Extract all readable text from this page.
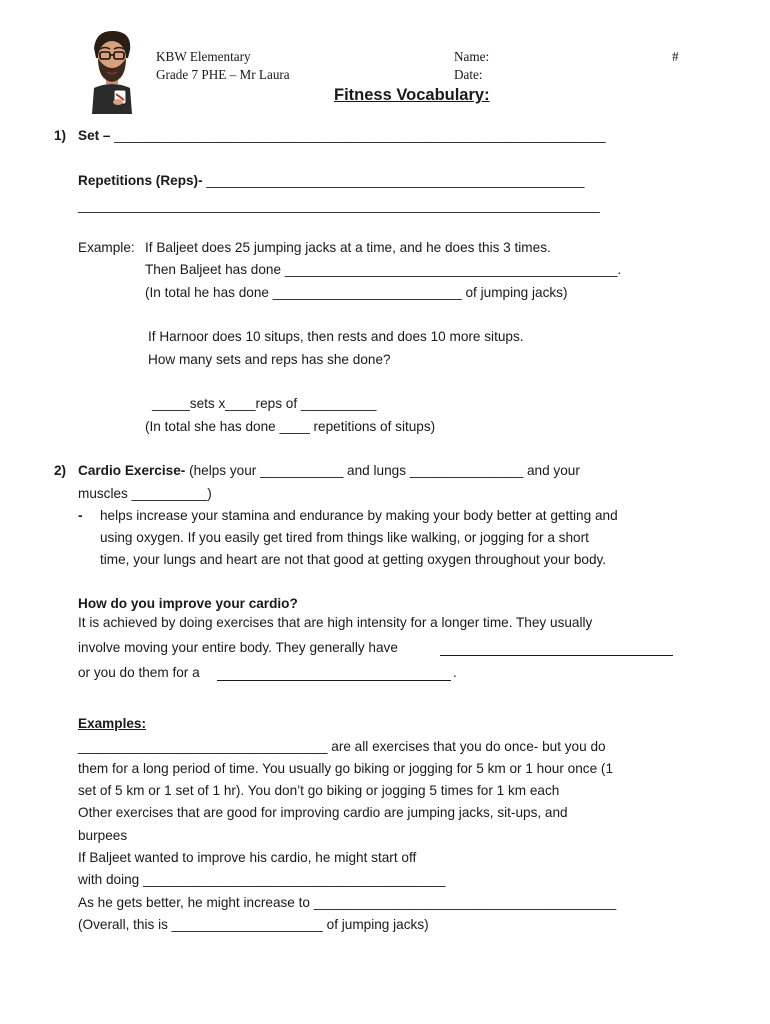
KBW Elementary
Grade 7 PHE – Mr Laura
Name:
Date:
#
Fitness Vocabulary:
1) Set – _________________________________________________________________
Repetitions (Reps)- __________________________________________________
_____________________________________________________________________
Example: If Baljeet does 25 jumping jacks at a time, and he does this 3 times.
Then Baljeet has done ____________________________________________.
(In total he has done _________________________ of jumping jacks)
If Harnoor does 10 situps, then rests and does 10 more situps.
How many sets and reps has she done?
_____sets x____reps of __________
(In total she has done ____ repetitions of situps)
2) Cardio Exercise- (helps your ___________ and lungs _______________ and your
muscles __________)
- helps increase your stamina and endurance by making your body better at getting and
using oxygen. If you easily get tired from things like walking, or jogging for a short
time, your lungs and heart are not that good at getting oxygen throughout your body.
How do you improve your cardio?
It is achieved by doing exercises that are high intensity for a longer time. They usually
involve moving your entire body. They generally have
or you do them for a	.
Examples:
_________________________________ are all exercises that you do once- but you do
them for a long period of time. You usually go biking or jogging for 5 km or 1 hour once (1
set of 5 km or 1 set of 1 hr). You don’t go biking or jogging 5 times for 1 km each
Other exercises that are good for improving cardio are jumping jacks, sit-ups, and
burpees
If Baljeet wanted to improve his cardio, he might start off
with doing ________________________________________
As he gets better, he might increase to ________________________________________
(Overall, this is ____________________ of jumping jacks)
